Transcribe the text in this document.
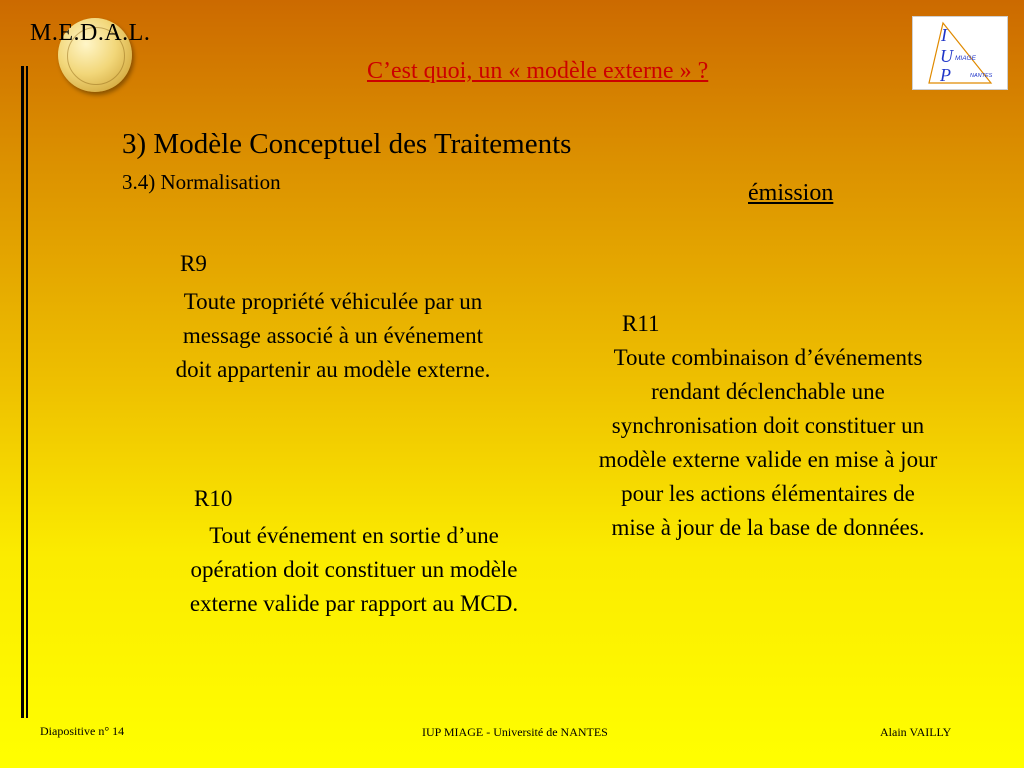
M.E.D.A.L.
C’est quoi, un « modèle externe » ?
I
U MIAGE
P	NANTES
3) Modèle Conceptuel des Traitements
3.4) Normalisation	émission
R9
Toute propriété véhiculée par un message associé à un événement doit appartenir au modèle externe.
R10
Tout événement en sortie d’une opération doit constituer un modèle externe valide par rapport au MCD.
R11
Toute combinaison d’événements rendant déclenchable une synchronisation doit constituer un modèle externe valide en mise à jour pour les actions élémentaires de mise à jour de la base de données.
Diapositive n° 14	IUP MIAGE - Université de NANTES	Alain VAILLY
